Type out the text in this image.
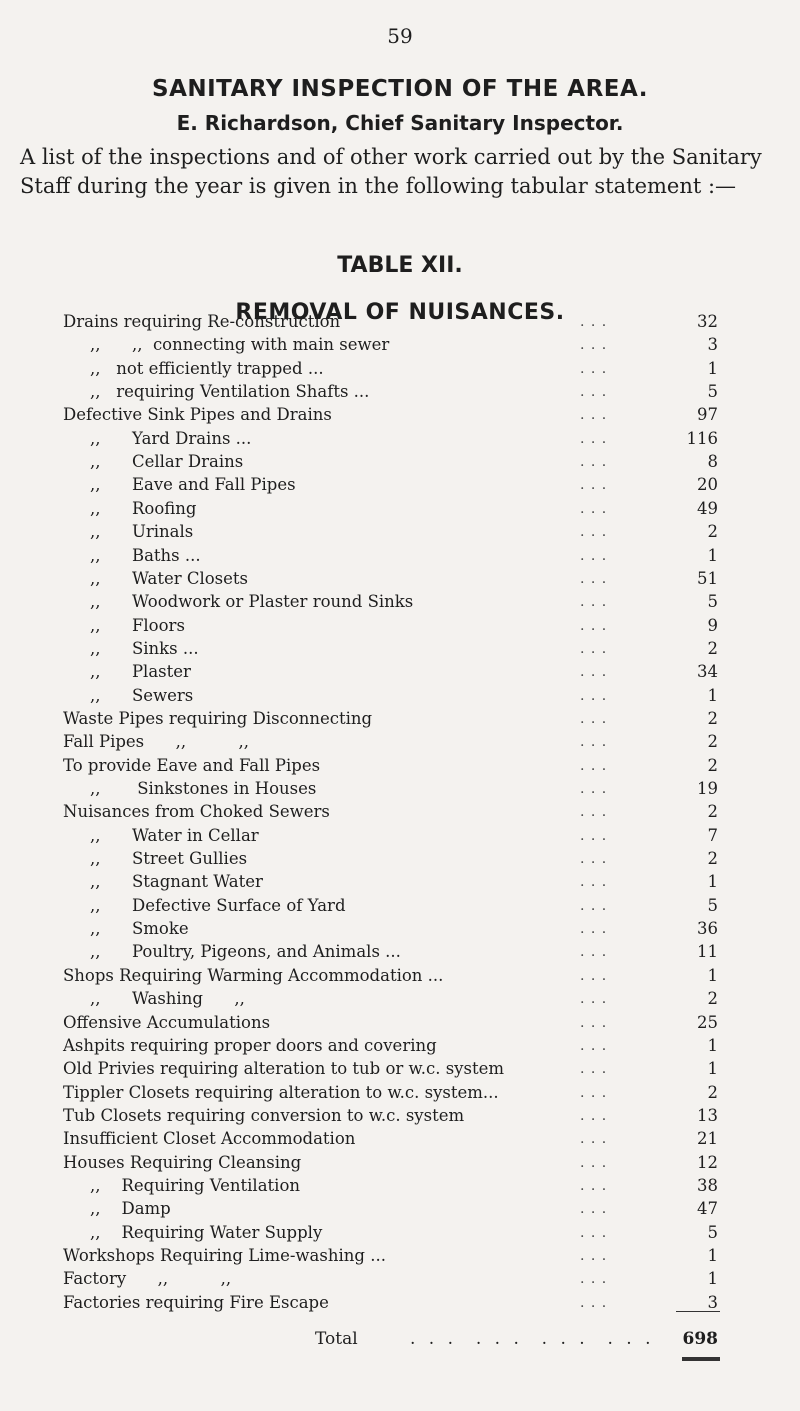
59
SANITARY INSPECTION OF THE AREA.
E. Richardson, Chief Sanitary Inspector.

A list of the inspections and of other work carried out by the Sanitary Staff during the year is given in the following tabular statement :—

TABLE XII.
REMOVAL OF NUISANCES.
Drains requiring Re-construction	. . .	32
,,      ,,  connecting with main sewer	. . .	3
,,   not efficiently trapped ...	. . .	1
,,   requiring Ventilation Shafts ...	. . .	5
Defective Sink Pipes and Drains	. . .	97
,,      Yard Drains ...	. . .	116
,,      Cellar Drains	. . .	8
,,      Eave and Fall Pipes	. . .	20
,,      Roofing	. . .	49
,,      Urinals	. . .	2
,,      Baths ...	. . .	1
,,      Water Closets	. . .	51
,,      Woodwork or Plaster round Sinks	. . .	5
,,      Floors	. . .	9
,,      Sinks ...	. . .	2
,,      Plaster	. . .	34
,,      Sewers	. . .	1
Waste Pipes requiring Disconnecting	. . .	2
Fall Pipes      ,,          ,,	. . .	2
To provide Eave and Fall Pipes	. . .	2
,,       Sinkstones in Houses	. . .	19
Nuisances from Choked Sewers	. . .	2
,,      Water in Cellar	. . .	7
,,      Street Gullies	. . .	2
,,      Stagnant Water	. . .	1
,,      Defective Surface of Yard	. . .	5
,,      Smoke	. . .	36
,,      Poultry, Pigeons, and Animals ...	. . .	11
Shops Requiring Warming Accommodation ...	. . .	1
,,      Washing      ,,	. . .	2
Offensive Accumulations	. . .	25
Ashpits requiring proper doors and covering	. . .	1
Old Privies requiring alteration to tub or w.c. system	. . .	1
Tippler Closets requiring alteration to w.c. system...	. . .	2
Tub Closets requiring conversion to w.c. system	. . .	13
Insufficient Closet Accommodation	. . .	21
Houses Requiring Cleansing	. . .	12
,,    Requiring Ventilation	. . .	38
,,    Damp	. . .	47
,,    Requiring Water Supply	. . .	5
Workshops Requiring Lime-washing ...	. . .	1
Factory      ,,          ,,	. . .	1
Factories requiring Fire Escape	. . .	3
Total	. . .  . . .  . . .  . . .	698
